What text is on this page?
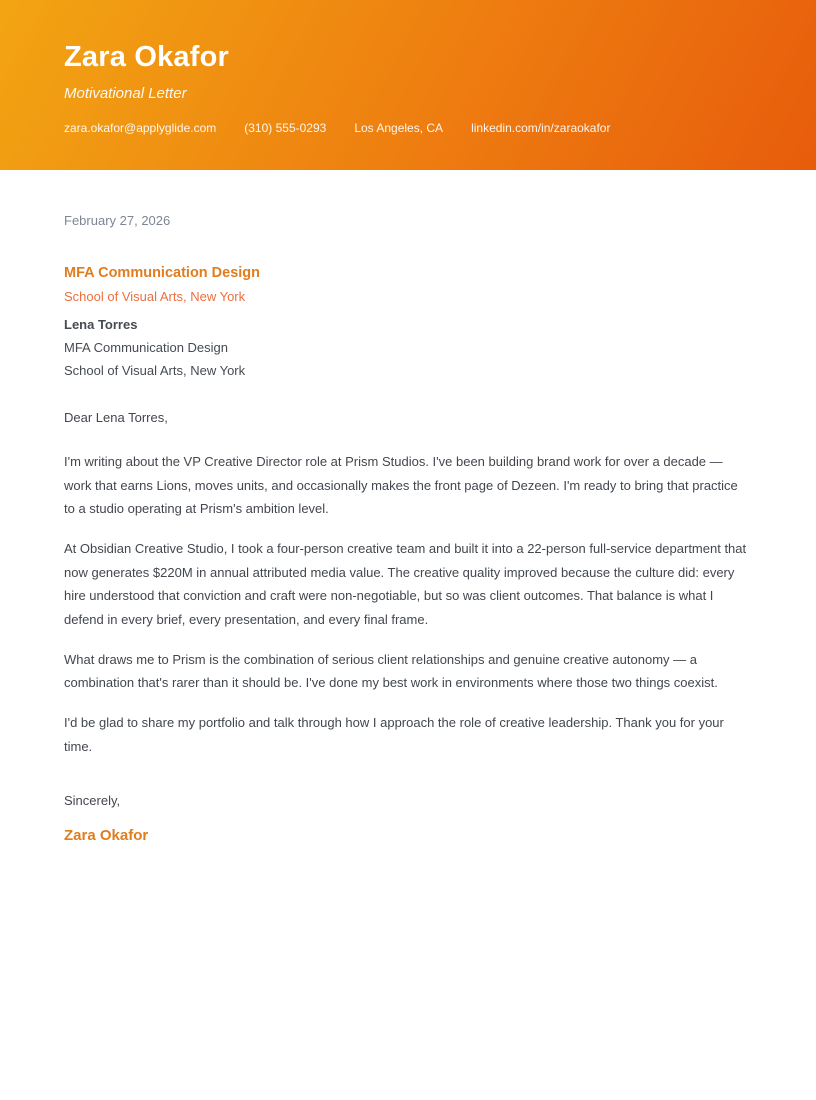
Zara Okafor
Motivational Letter
zara.okafor@applyglide.com (310) 555-0293 Los Angeles, CA linkedin.com/in/zaraokafor
February 27, 2026
MFA Communication Design
School of Visual Arts, New York
Lena Torres
MFA Communication Design
School of Visual Arts, New York
Dear Lena Torres,

I'm writing about the VP Creative Director role at Prism Studios. I've been building brand work for over a decade — work that earns Lions, moves units, and occasionally makes the front page of Dezeen. I'm ready to bring that practice to a studio operating at Prism's ambition level.

At Obsidian Creative Studio, I took a four-person creative team and built it into a 22-person full-service department that now generates $220M in annual attributed media value. The creative quality improved because the culture did: every hire understood that conviction and craft were non-negotiable, but so was client outcomes. That balance is what I defend in every brief, every presentation, and every final frame.

What draws me to Prism is the combination of serious client relationships and genuine creative autonomy — a combination that's rarer than it should be. I've done my best work in environments where those two things coexist.

I'd be glad to share my portfolio and talk through how I approach the role of creative leadership. Thank you for your time.

Sincerely,
Zara Okafor
